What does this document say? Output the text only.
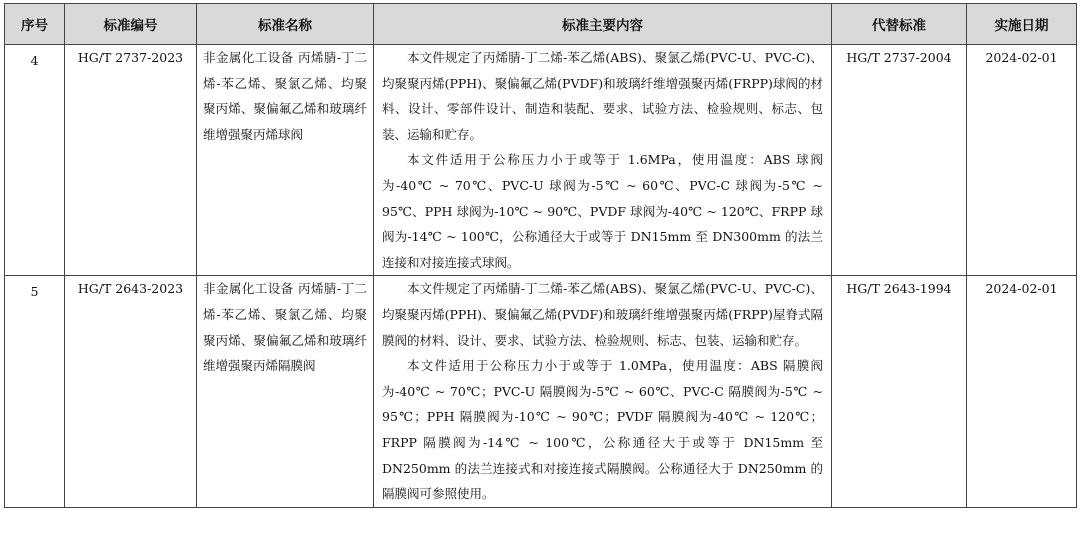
序号	标准编号	标准名称	标准主要内容	代替标准	实施日期
4	HG/T 2737-2023	非金属化工设备 丙烯腈-丁二烯-苯乙烯、聚氯乙烯、均聚聚丙烯、聚偏氟乙烯和玻璃纤维增强聚丙烯球阀	本文件规定了丙烯腈-丁二烯-苯乙烯(ABS)、聚氯乙烯(PVC-U、PVC-C)、均聚聚丙烯(PPH)、聚偏氟乙烯(PVDF)和玻璃纤维增强聚丙烯(FRPP)球阀的材料、设计、零部件设计、制造和装配、要求、试验方法、检验规则、标志、包装、运输和贮存。

本文件适用于公称压力小于或等于 1.6MPa，使用温度：ABS 球阀为-40℃ ~ 70℃、PVC-U 球阀为-5℃ ~ 60℃、PVC-C 球阀为-5℃ ~ 95℃、PPH 球阀为-10℃ ~ 90℃、PVDF 球阀为-40℃ ~ 120℃、FRPP 球阀为-14℃ ~ 100℃，公称通径大于或等于 DN15mm 至 DN300mm 的法兰连接和对接连接式球阀。	HG/T 2737-2004	2024-02-01
5	HG/T 2643-2023	非金属化工设备 丙烯腈-丁二烯-苯乙烯、聚氯乙烯、均聚聚丙烯、聚偏氟乙烯和玻璃纤维增强聚丙烯隔膜阀	本文件规定了丙烯腈-丁二烯-苯乙烯(ABS)、聚氯乙烯(PVC-U、PVC-C)、均聚聚丙烯(PPH)、聚偏氟乙烯(PVDF)和玻璃纤维增强聚丙烯(FRPP)屋脊式隔膜阀的材料、设计、要求、试验方法、检验规则、标志、包装、运输和贮存。

本文件适用于公称压力小于或等于 1.0MPa，使用温度：ABS 隔膜阀为-40℃ ~ 70℃；PVC-U 隔膜阀为-5℃ ~ 60℃、PVC-C 隔膜阀为-5℃ ~ 95℃；PPH 隔膜阀为-10℃ ~ 90℃；PVDF 隔膜阀为-40℃ ~ 120℃；FRPP 隔膜阀为-14℃ ~ 100℃，公称通径大于或等于 DN15mm 至 DN250mm 的法兰连接式和对接连接式隔膜阀。公称通径大于 DN250mm 的隔膜阀可参照使用。	HG/T 2643-1994	2024-02-01
